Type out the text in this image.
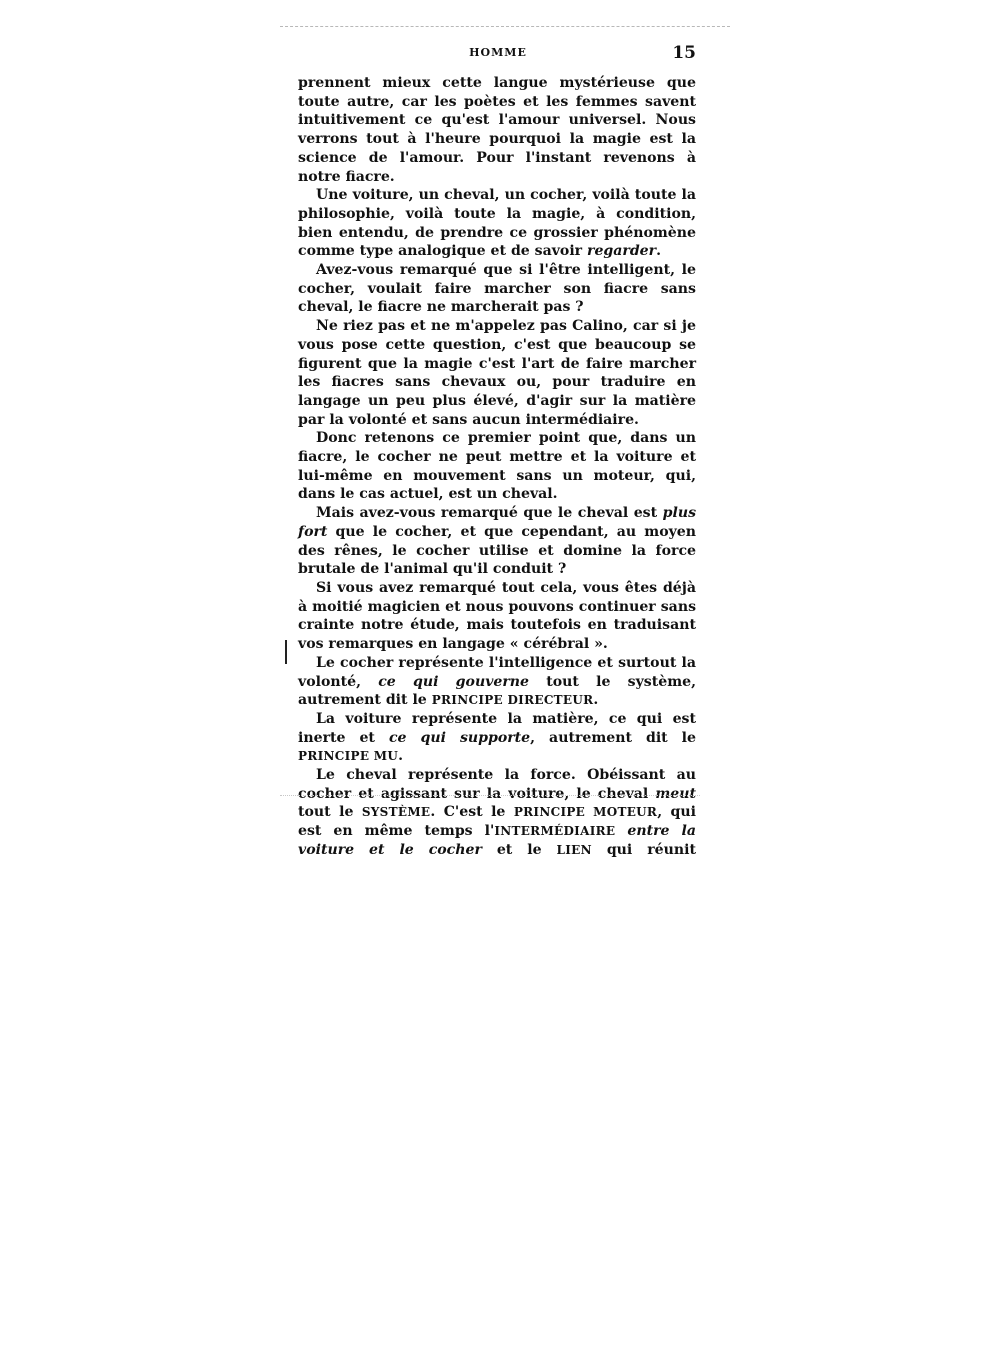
HOMME	15

prennent mieux cette langue mystérieuse que toute autre, car les poètes et les femmes savent intuitivement ce qu'est l'amour universel. Nous verrons tout à l'heure pourquoi la magie est la science de l'amour. Pour l'instant revenons à notre fiacre.

Une voiture, un cheval, un cocher, voilà toute la philosophie, voilà toute la magie, à condition, bien entendu, de prendre ce grossier phénomène comme type analogique et de savoir regarder.

Avez-vous remarqué que si l'être intelligent, le cocher, voulait faire marcher son fiacre sans cheval, le fiacre ne marcherait pas ?

Ne riez pas et ne m'appelez pas Calino, car si je vous pose cette question, c'est que beaucoup se figurent que la magie c'est l'art de faire marcher les fiacres sans chevaux ou, pour traduire en langage un peu plus élevé, d'agir sur la matière par la volonté et sans aucun intermédiaire.

Donc retenons ce premier point que, dans un fiacre, le cocher ne peut mettre et la voiture et lui-même en mouvement sans un moteur, qui, dans le cas actuel, est un cheval.

Mais avez-vous remarqué que le cheval est plus fort que le cocher, et que cependant, au moyen des rênes, le cocher utilise et domine la force brutale de l'animal qu'il conduit ?

Si vous avez remarqué tout cela, vous êtes déjà à moitié magicien et nous pouvons continuer sans crainte notre étude, mais toutefois en traduisant vos remarques en langage « cérébral ».

Le cocher représente l'intelligence et surtout la volonté, ce qui gouverne tout le système, autrement dit le PRINCIPE DIRECTEUR.

La voiture représente la matière, ce qui est inerte et ce qui supporte, autrement dit le PRINCIPE MU.

Le cheval représente la force. Obéissant au cocher et agissant sur la voiture, le cheval meut tout le SYSTÈME. C'est le PRINCIPE MOTEUR, qui est en même temps l'INTERMÉDIAIRE entre la voiture et le cocher et le LIEN qui réunit
